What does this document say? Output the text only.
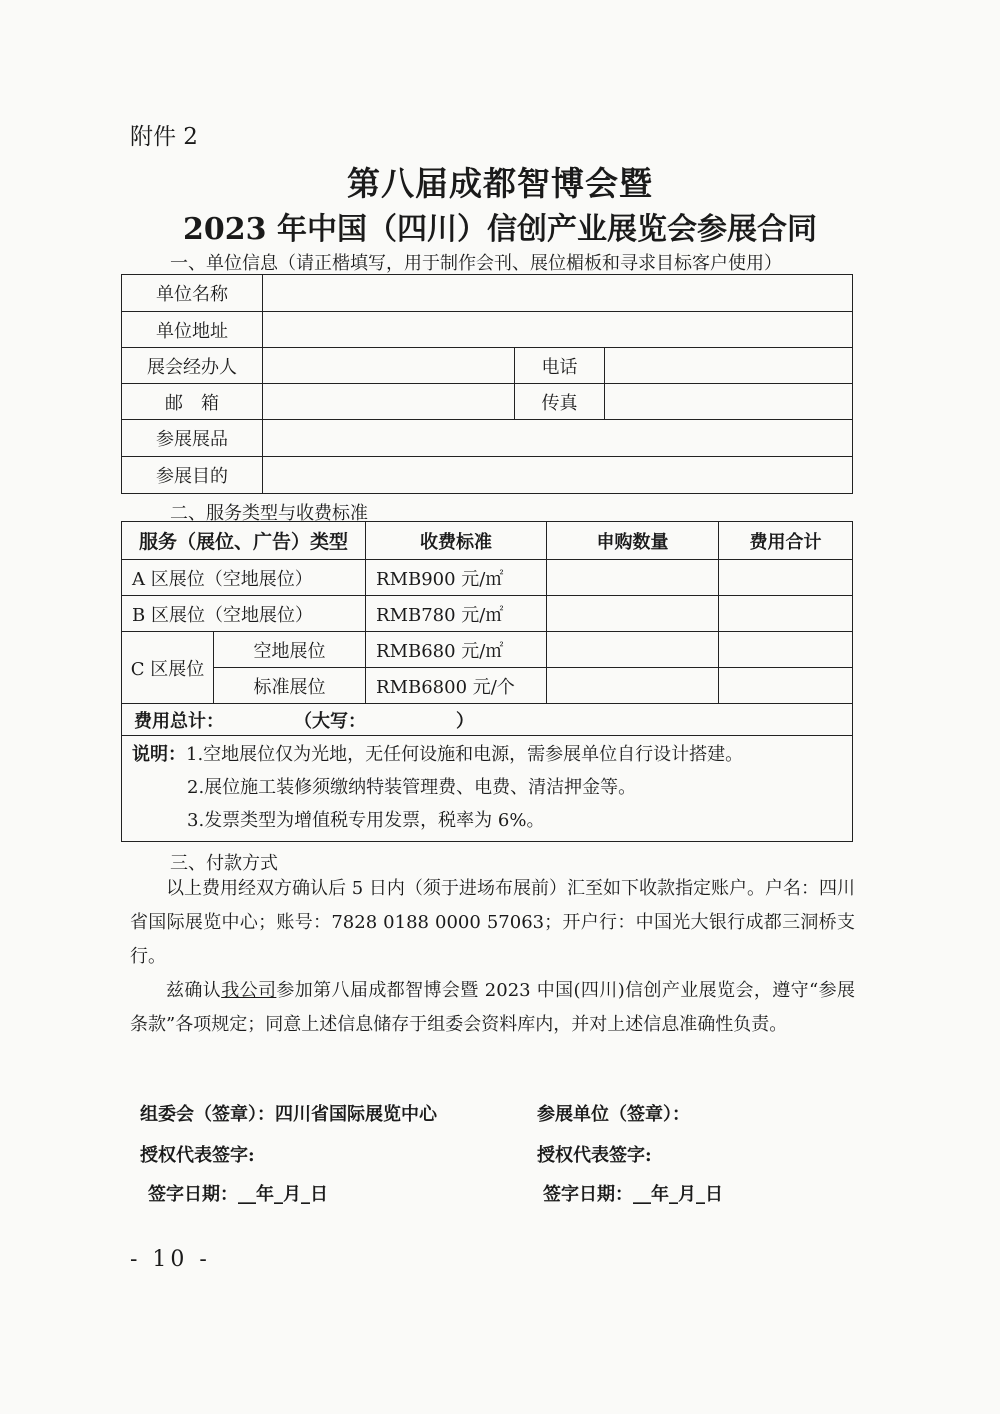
附件 2
第八届成都智博会暨
2023 年中国（四川）信创产业展览会参展合同
一、单位信息（请正楷填写，用于制作会刊、展位楣板和寻求目标客户使用）
单位名称			
单位地址			
展会经办人		电话	
邮　箱		传真	
参展展品			
参展目的			
二、服务类型与收费标准
服务（展位、广告）类型		收费标准	申购数量	费用合计
A 区展位（空地展位）		RMB900 元/㎡		
B 区展位（空地展位）		RMB780 元/㎡		
C 区展位	空地展位	RMB680 元/㎡		
	标准展位	RMB6800 元/个		
费用总计： （大写： ）				

说明：1.空地展位仅为光地，无任何设施和电源，需参展单位自行设计搭建。
2.展位施工装修须缴纳特装管理费、电费、清洁押金等。
3.发票类型为增值税专用发票，税率为 6%。				
三、付款方式
以上费用经双方确认后 5 日内（须于进场布展前）汇至如下收款指定账户。户名：四川省国际展览中心；账号：7828 0188 0000 57063；开户行：中国光大银行成都三洞桥支行。
兹确认我公司参加第八届成都智博会暨 2023 中国(四川)信创产业展览会，遵守“参展条款”各项规定；同意上述信息储存于组委会资料库内，并对上述信息准确性负责。
组委会（签章）：四川省国际展览中心	参展单位（签章）：
授权代表签字:	授权代表签字:
签字日期：__年_月_日	签字日期：__年_月_日
- 10 -
